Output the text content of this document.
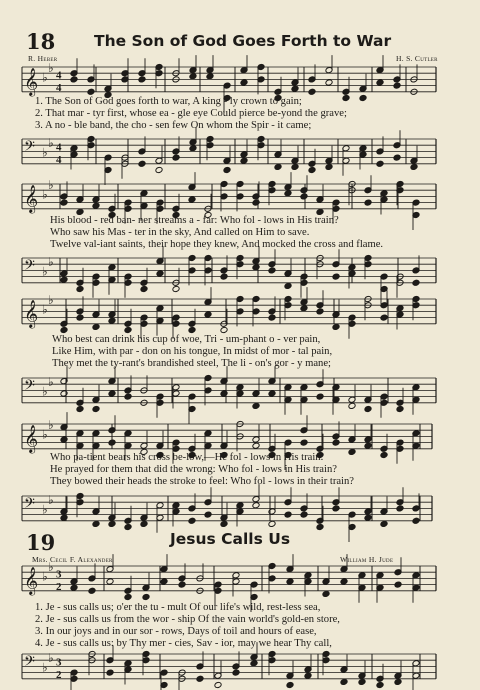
18	The Son of God Goes Forth to War
R. Heber	H. S. Cutler
𝄞 ♭
♭
4
4
1. The Son of God goes forth to war, A king - ly crown to gain;
2. That mar - tyr first, whose ea - gle eye Could pierce be-yond the grave;
3. A no - ble band, the cho - sen few On whom the Spir - it came;
𝄢 ♭
♭ 4
4
𝄞 ♭
♭
His blood - red ban- ner streams a - far: Who fol - lows in His train?
Who saw his Mas - ter in the sky, And called on Him to save.
Twelve val-iant saints, their hope they knew, And mocked the cross and flame.
𝄢 ♭
♭
𝄞 ♭
♭
Who best can drink his cup of woe, Tri - um-phant o - ver pain,
Like Him, with par - don on his tongue, In midst of mor - tal pain,
They met the ty-rant's brandished steel, The li - on's gor - y mane;
𝄢 ♭
♭
𝄞 ♭
♭
Who pa-tient bears his cross be-low,—He fol - lows in His train.
He prayed for them that did the wrong: Who fol - lows in His train?
They bowed their heads the stroke to feel: Who fol - lows in their train?
𝄢 ♭
♭
19	Jesus Calls Us
Mrs. Cecil F. Alexander	William H. Jude
𝄞 ♭
♭
3
2
1. Je - sus calls us; o'er the tu - mult Of our life's wild, rest-less sea,
2. Je - sus calls us from the wor - ship Of the vain world's gold-en store,
3. In our joys and in our sor - rows, Days of toil and hours of ease,
4. Je - sus calls us: by Thy mer - cies, Sav - ior, may we hear Thy call,
𝄢 ♭
♭ 3
2
